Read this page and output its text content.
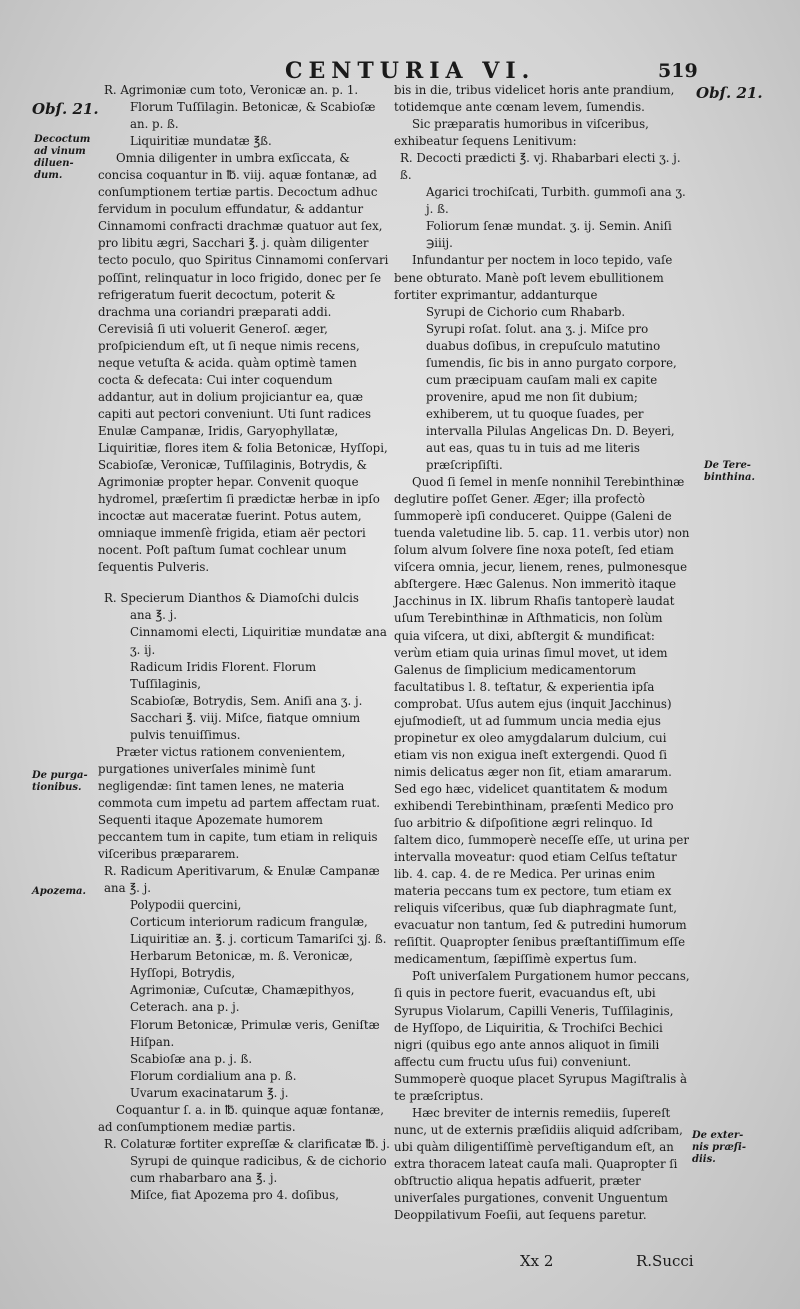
CENTURIA VI.	519
Obſ. 21.
Obſ. 21.
Decoctum
ad vinum
diluen-
dum.
De purga-
tionibus.
Apozema.
De Tere-
binthina.
De exter-
nis præſi-
diis.

R. Agrimoniæ cum toto, Veronicæ an. p. 1.

Florum Tuſſilagin. Betonicæ, & Scabioſæ

an. p. ß.

Liquiritiæ mundatæ ℥ß.

Omnia diligenter in umbra exſiccata, & concisa coquantur in ℔. viij. aquæ fontanæ, ad conſumptionem tertiæ partis. Decoctum adhuc fervidum in poculum effundatur, & addantur Cinnamomi confracti drachmæ quatuor aut ſex, pro libitu ægri, Sacchari ℥. j. quàm diligenter tecto poculo, quo Spiritus Cinnamomi conſervari poſſint, relinquatur in loco frigido, donec per ſe refrigeratum fuerit decoctum, poterit & drachma una coriandri præparati addi. Cerevisiâ ſi uti voluerit Generoſ. æger, proſpiciendum eſt, ut ſi neque nimis recens, neque vetuſta & acida. quàm optimè tamen cocta & defecata: Cui inter coquendum addantur, aut in dolium projiciantur ea, quæ capiti aut pectori conveniunt. Uti ſunt radices Enulæ Campanæ, Iridis, Garyophyllatæ, Liquiritiæ, flores item & folia Betonicæ, Hyſſopi, Scabioſæ, Veronicæ, Tuſſilaginis, Botrydis, & Agrimoniæ propter hepar. Convenit quoque hydromel, præſertim ſi prædictæ herbæ in ipſo incoctæ aut maceratæ fuerint. Potus autem, omniaque immenſè frigida, etiam aër pectori nocent. Poſt paſtum ſumat cochlear unum ſequentis Pulveris.

R. Specierum Dianthos & Diamoſchi dulcis

ana ℥. j.

Cinnamomi electi, Liquiritiæ mundatæ ana ʒ. ij.

Radicum Iridis Florent. Florum Tuſſilaginis,

Scabioſæ, Botrydis, Sem. Aniſi ana ʒ. j.

Sacchari ℥. viij. Miſce, fiatque omnium pulvis tenuiſſimus.

Præter victus rationem convenientem, purgationes univerſales minimè ſunt negligendæ: ſint tamen lenes, ne materia commota cum impetu ad partem affectam ruat. Sequenti itaque Apozemate humorem peccantem tum in capite, tum etiam in reliquis viſceribus præpararem.

R. Radicum Aperitivarum, & Enulæ Campanæ ana ℥. j.

Polypodii quercini,

Corticum interiorum radicum frangulæ,

Liquiritiæ an. ℥. j. corticum Tamariſci ʒj. ß.

Herbarum Betonicæ, m. ß. Veronicæ, Hyſſopi, Botrydis,

Agrimoniæ, Cuſcutæ, Chamæpithyos,

Ceterach. ana p. j.

Florum Betonicæ, Primulæ veris, Geniſtæ Hiſpan.

Scabioſæ ana p. j. ß.

Florum cordialium ana p. ß.

Uvarum exacinatarum ℥. j.

Coquantur ſ. a. in ℔. quinque aquæ fontanæ, ad conſumptionem mediæ partis.

R. Colaturæ fortiter expreſſæ & clarificatæ ℔. j.

Syrupi de quinque radicibus, & de cichorio cum rhabarbaro ana ℥. j.

Miſce, fiat Apozema pro 4. doſibus,

bis in die, tribus videlicet horis ante prandium, totidemque ante cœnam levem, ſumendis.

Sic præparatis humoribus in viſceribus, exhibeatur ſequens Lenitivum:

R. Decocti prædicti ℥. vj. Rhabarbari electi ʒ. j. ß.

Agarici trochiſcati, Turbith. gummoſi ana ʒ. j. ß.

Foliorum ſenæ mundat. ʒ. ij. Semin. Aniſi ℈iiij.

Infundantur per noctem in loco tepido, vaſe bene obturato. Manè poſt levem ebullitionem fortiter exprimantur, addanturque

Syrupi de Cichorio cum Rhabarb.

Syrupi roſat. ſolut. ana ʒ. j. Miſce pro duabus doſibus, in crepuſculo matutino ſumendis, ſic bis in anno purgato corpore, cum præcipuam cauſam mali ex capite provenire, apud me non ſit dubium; exhiberem, ut tu quoque ſuades, per intervalla Pilulas Angelicas Dn. D. Beyeri, aut eas, quas tu in tuis ad me literis præſcripſiſti.

Quod ſi ſemel in menſe nonnihil Terebinthinæ deglutire poſſet Gener. Æger; illa profectò ſummoperè ipſi conduceret. Quippe (Galeni de tuenda valetudine lib. 5. cap. 11. verbis utor) non ſolum alvum ſolvere ſine noxa poteſt, ſed etiam viſcera omnia, jecur, lienem, renes, pulmonesque abſtergere. Hæc Galenus. Non immeritò itaque Jacchinus in IX. librum Rhaſis tantoperè laudat uſum Terebinthinæ in Aſthmaticis, non ſolùm quia viſcera, ut dixi, abſtergit & mundificat: verùm etiam quia urinas ſimul movet, ut idem Galenus de ſimplicium medicamentorum facultatibus l. 8. teſtatur, & experientia ipſa comprobat. Uſus autem ejus (inquit Jacchinus) ejuſmodieſt, ut ad ſummum uncia media ejus propinetur ex oleo amygdalarum dulcium, cui etiam vis non exigua ineſt extergendi. Quod ſi nimis delicatus æger non ſit, etiam amararum. Sed ego hæc, videlicet quantitatem & modum exhibendi Terebinthinam, præſenti Medico pro ſuo arbitrio & diſpoſitione ægri relinquo. Id ſaltem dico, ſummoperè neceſſe eſſe, ut urina per intervalla moveatur: quod etiam Celſus teſtatur lib. 4. cap. 4. de re Medica. Per urinas enim materia peccans tum ex pectore, tum etiam ex reliquis viſceribus, quæ ſub diaphragmate ſunt, evacuatur non tantum, ſed & putredini humorum reſiſtit. Quapropter ſenibus præſtantiſſimum eſſe medicamentum, ſæpiſſimè expertus ſum.

Poſt univerſalem Purgationem humor peccans, ſi quis in pectore fuerit, evacuandus eſt, ubi Syrupus Violarum, Capilli Veneris, Tuſſilaginis, de Hyſſopo, de Liquiritia, & Trochiſci Bechici nigri (quibus ego ante annos aliquot in ſimili affectu cum fructu uſus fui) conveniunt. Summoperè quoque placet Syrupus Magiſtralis à te præſcriptus.

Hæc breviter de internis remediis, ſupereſt nunc, ut de externis præſidiis aliquid adſcribam, ubi quàm diligentiſſimè perveſtigandum eſt, an extra thoracem lateat cauſa mali. Quapropter ſi obſtructio aliqua hepatis adfuerit, præter univerſales purgationes, convenit Unguentum Deoppilativum Foeſii, aut ſequens paretur.

Xx 2	R.Succi
